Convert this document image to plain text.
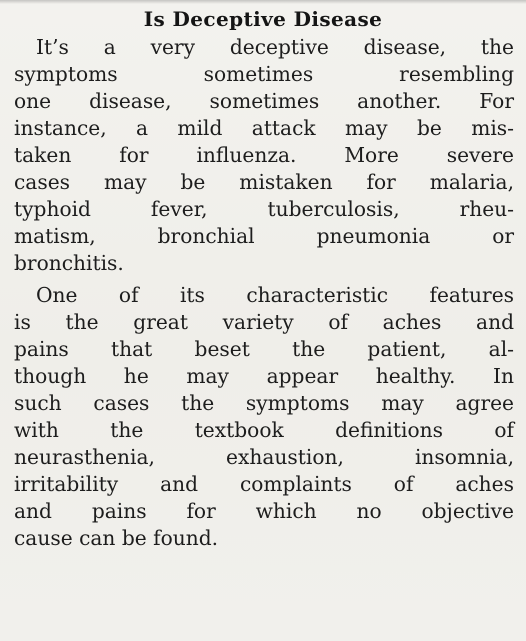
Is Deceptive Disease
It’s a very deceptive disease, the
symptoms sometimes resembling
one disease, sometimes another. For
instance, a mild attack may be mis-
taken for influenza. More severe
cases may be mistaken for malaria,
typhoid fever, tuberculosis, rheu-
matism, bronchial pneumonia or
bronchitis.
One of its characteristic features
is the great variety of aches and
pains that beset the patient, al-
though he may appear healthy. In
such cases the symptoms may agree
with the textbook definitions of
neurasthenia, exhaustion, insomnia,
irritability and complaints of aches
and pains for which no objective
cause can be found.
